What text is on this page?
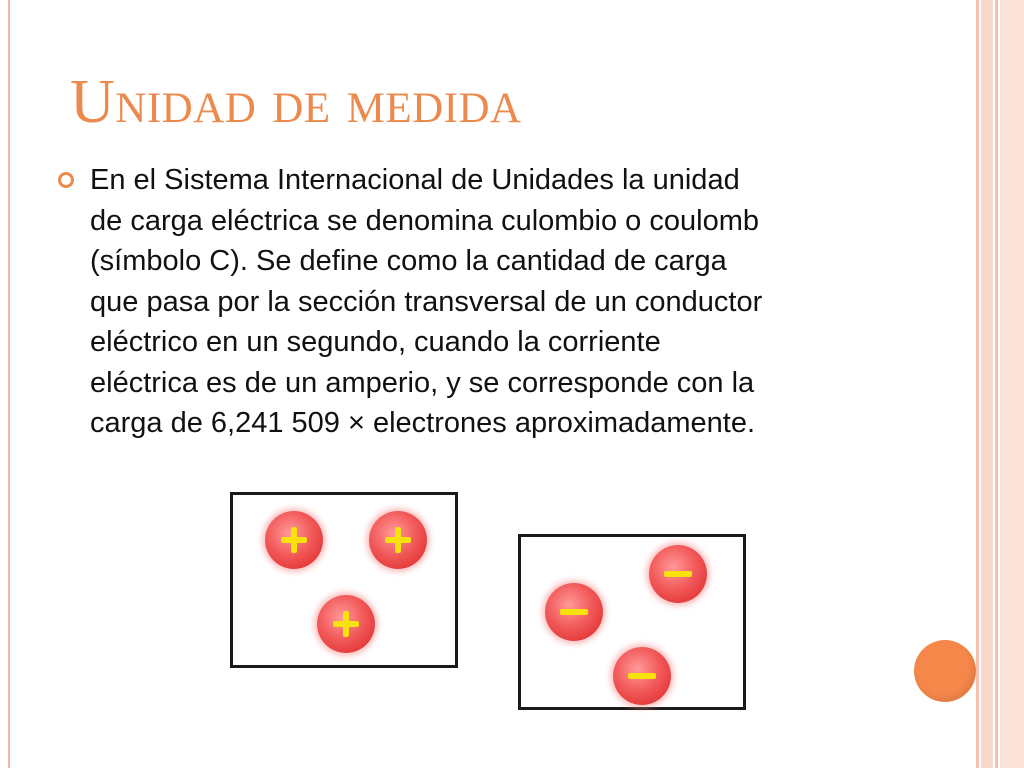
Unidad de medida

En el Sistema Internacional de Unidades la unidad
de carga eléctrica se denomina culombio o coulomb
(símbolo C). Se define como la cantidad de carga
que pasa por la sección transversal de un conductor
eléctrico en un segundo, cuando la corriente
eléctrica es de un amperio, y se corresponde con la
carga de 6,241 509 × electrones aproximadamente.
